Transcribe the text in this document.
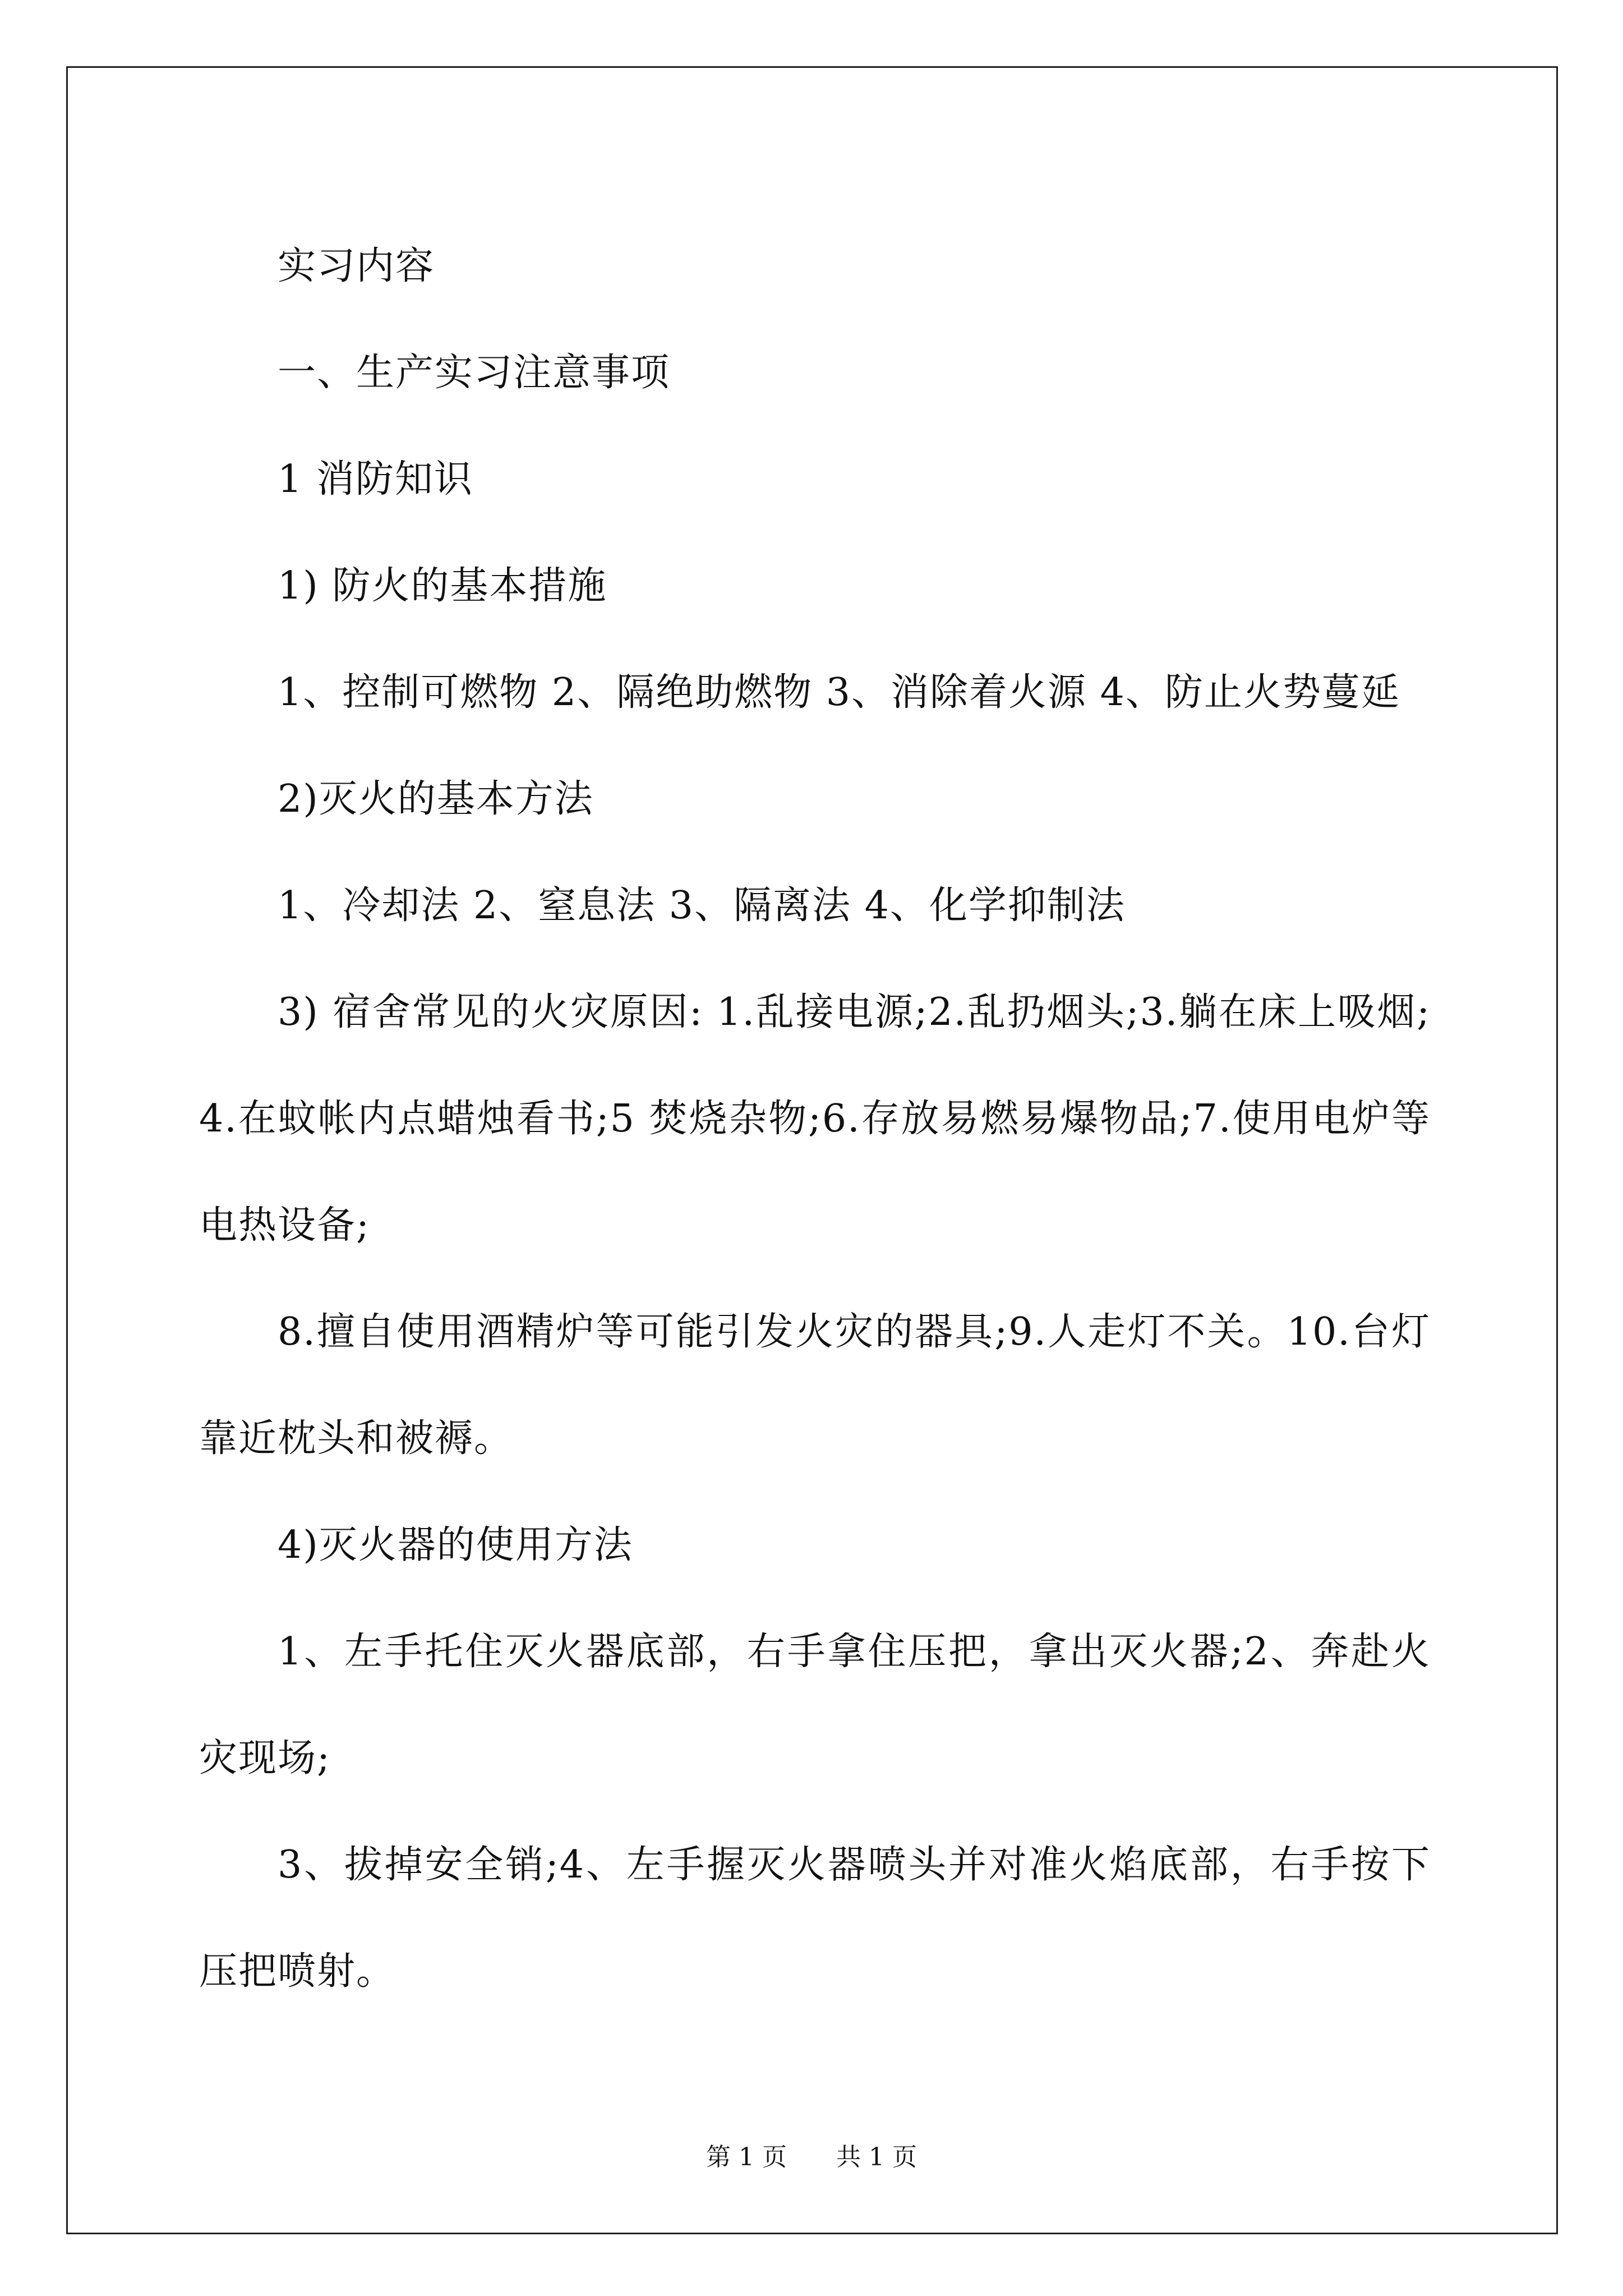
实习内容

一、生产实习注意事项

1 消防知识

1) 防火的基本措施

1、控制可燃物 2、隔绝助燃物 3、消除着火源 4、防止火势蔓延

2)灭火的基本方法

1、冷却法 2、窒息法 3、隔离法 4、化学抑制法

3) 宿舍常见的火灾原因: 1.乱接电源;2.乱扔烟头;3.躺在床上吸烟;4.在蚊帐内点蜡烛看书;5 焚烧杂物;6.存放易燃易爆物品;7.使用电炉等电热设备;

8.擅自使用酒精炉等可能引发火灾的器具;9.人走灯不关。10.台灯靠近枕头和被褥。

4)灭火器的使用方法

1、左手托住灭火器底部，右手拿住压把，拿出灭火器;2、奔赴火灾现场;

3、拔掉安全销;4、左手握灭火器喷头并对准火焰底部，右手按下压把喷射。

第 1 页 共 1 页
